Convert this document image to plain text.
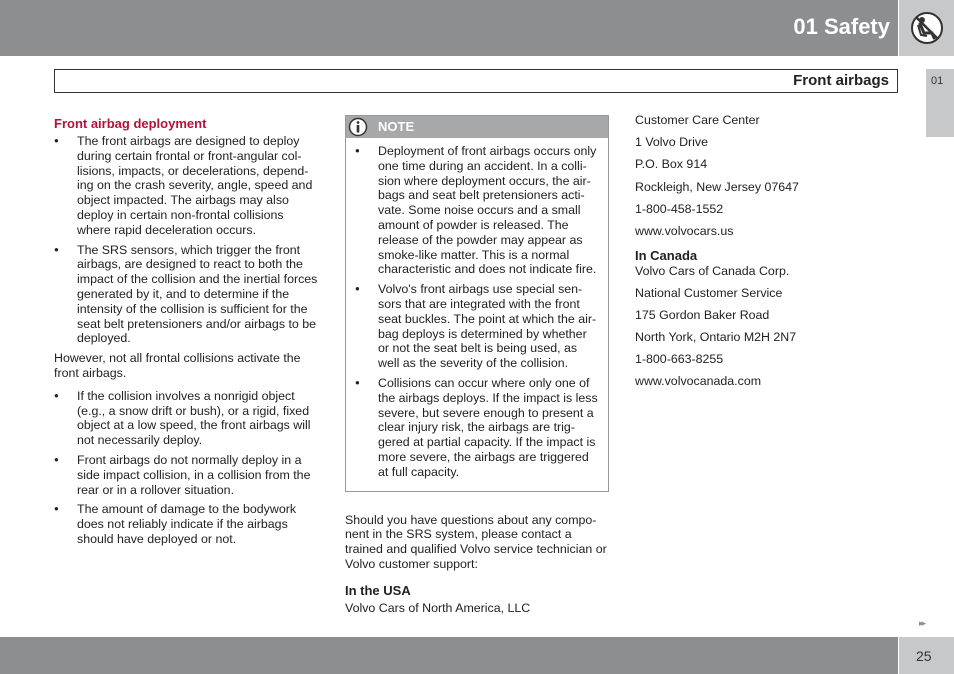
01 Safety
Front airbags	01
Front airbag deployment
● The front airbags are designed to deploy during certain frontal or front-angular col-lisions, impacts, or decelerations, depend-ing on the crash severity, angle, speed and object impacted. The airbags may also deploy in certain non-frontal collisions where rapid deceleration occurs.
● The SRS sensors, which trigger the front airbags, are designed to react to both the impact of the collision and the inertial forces generated by it, and to determine if the intensity of the collision is sufficient for the seat belt pretensioners and/or airbags to be deployed.

However, not all frontal collisions activate the front airbags.

● If the collision involves a nonrigid object (e.g., a snow drift or bush), or a rigid, fixed object at a low speed, the front airbags will not necessarily deploy.
● Front airbags do not normally deploy in a side impact collision, in a collision from the rear or in a rollover situation.
● The amount of damage to the bodywork does not reliably indicate if the airbags should have deployed or not.
NOTE
● Deployment of front airbags occurs only one time during an accident. In a colli-sion where deployment occurs, the air-bags and seat belt pretensioners acti-vate. Some noise occurs and a small amount of powder is released. The release of the powder may appear as smoke-like matter. This is a normal characteristic and does not indicate fire.
● Volvo's front airbags use special sen-sors that are integrated with the front seat buckles. The point at which the air-bag deploys is determined by whether or not the seat belt is being used, as well as the severity of the collision.
● Collisions can occur where only one of the airbags deploys. If the impact is less severe, but severe enough to present a clear injury risk, the airbags are trig-gered at partial capacity. If the impact is more severe, the airbags are triggered at full capacity.

Should you have questions about any compo-nent in the SRS system, please contact a trained and qualified Volvo service technician or Volvo customer support:

In the USA
Volvo Cars of North America, LLC
Customer Care Center
1 Volvo Drive
P.O. Box 914
Rockleigh, New Jersey 07647
1-800-458-1552
www.volvocars.us
In Canada
Volvo Cars of Canada Corp.
National Customer Service
175 Gordon Baker Road
North York, Ontario M2H 2N7
1-800-663-8255
www.volvocanada.com
▸▸
25
